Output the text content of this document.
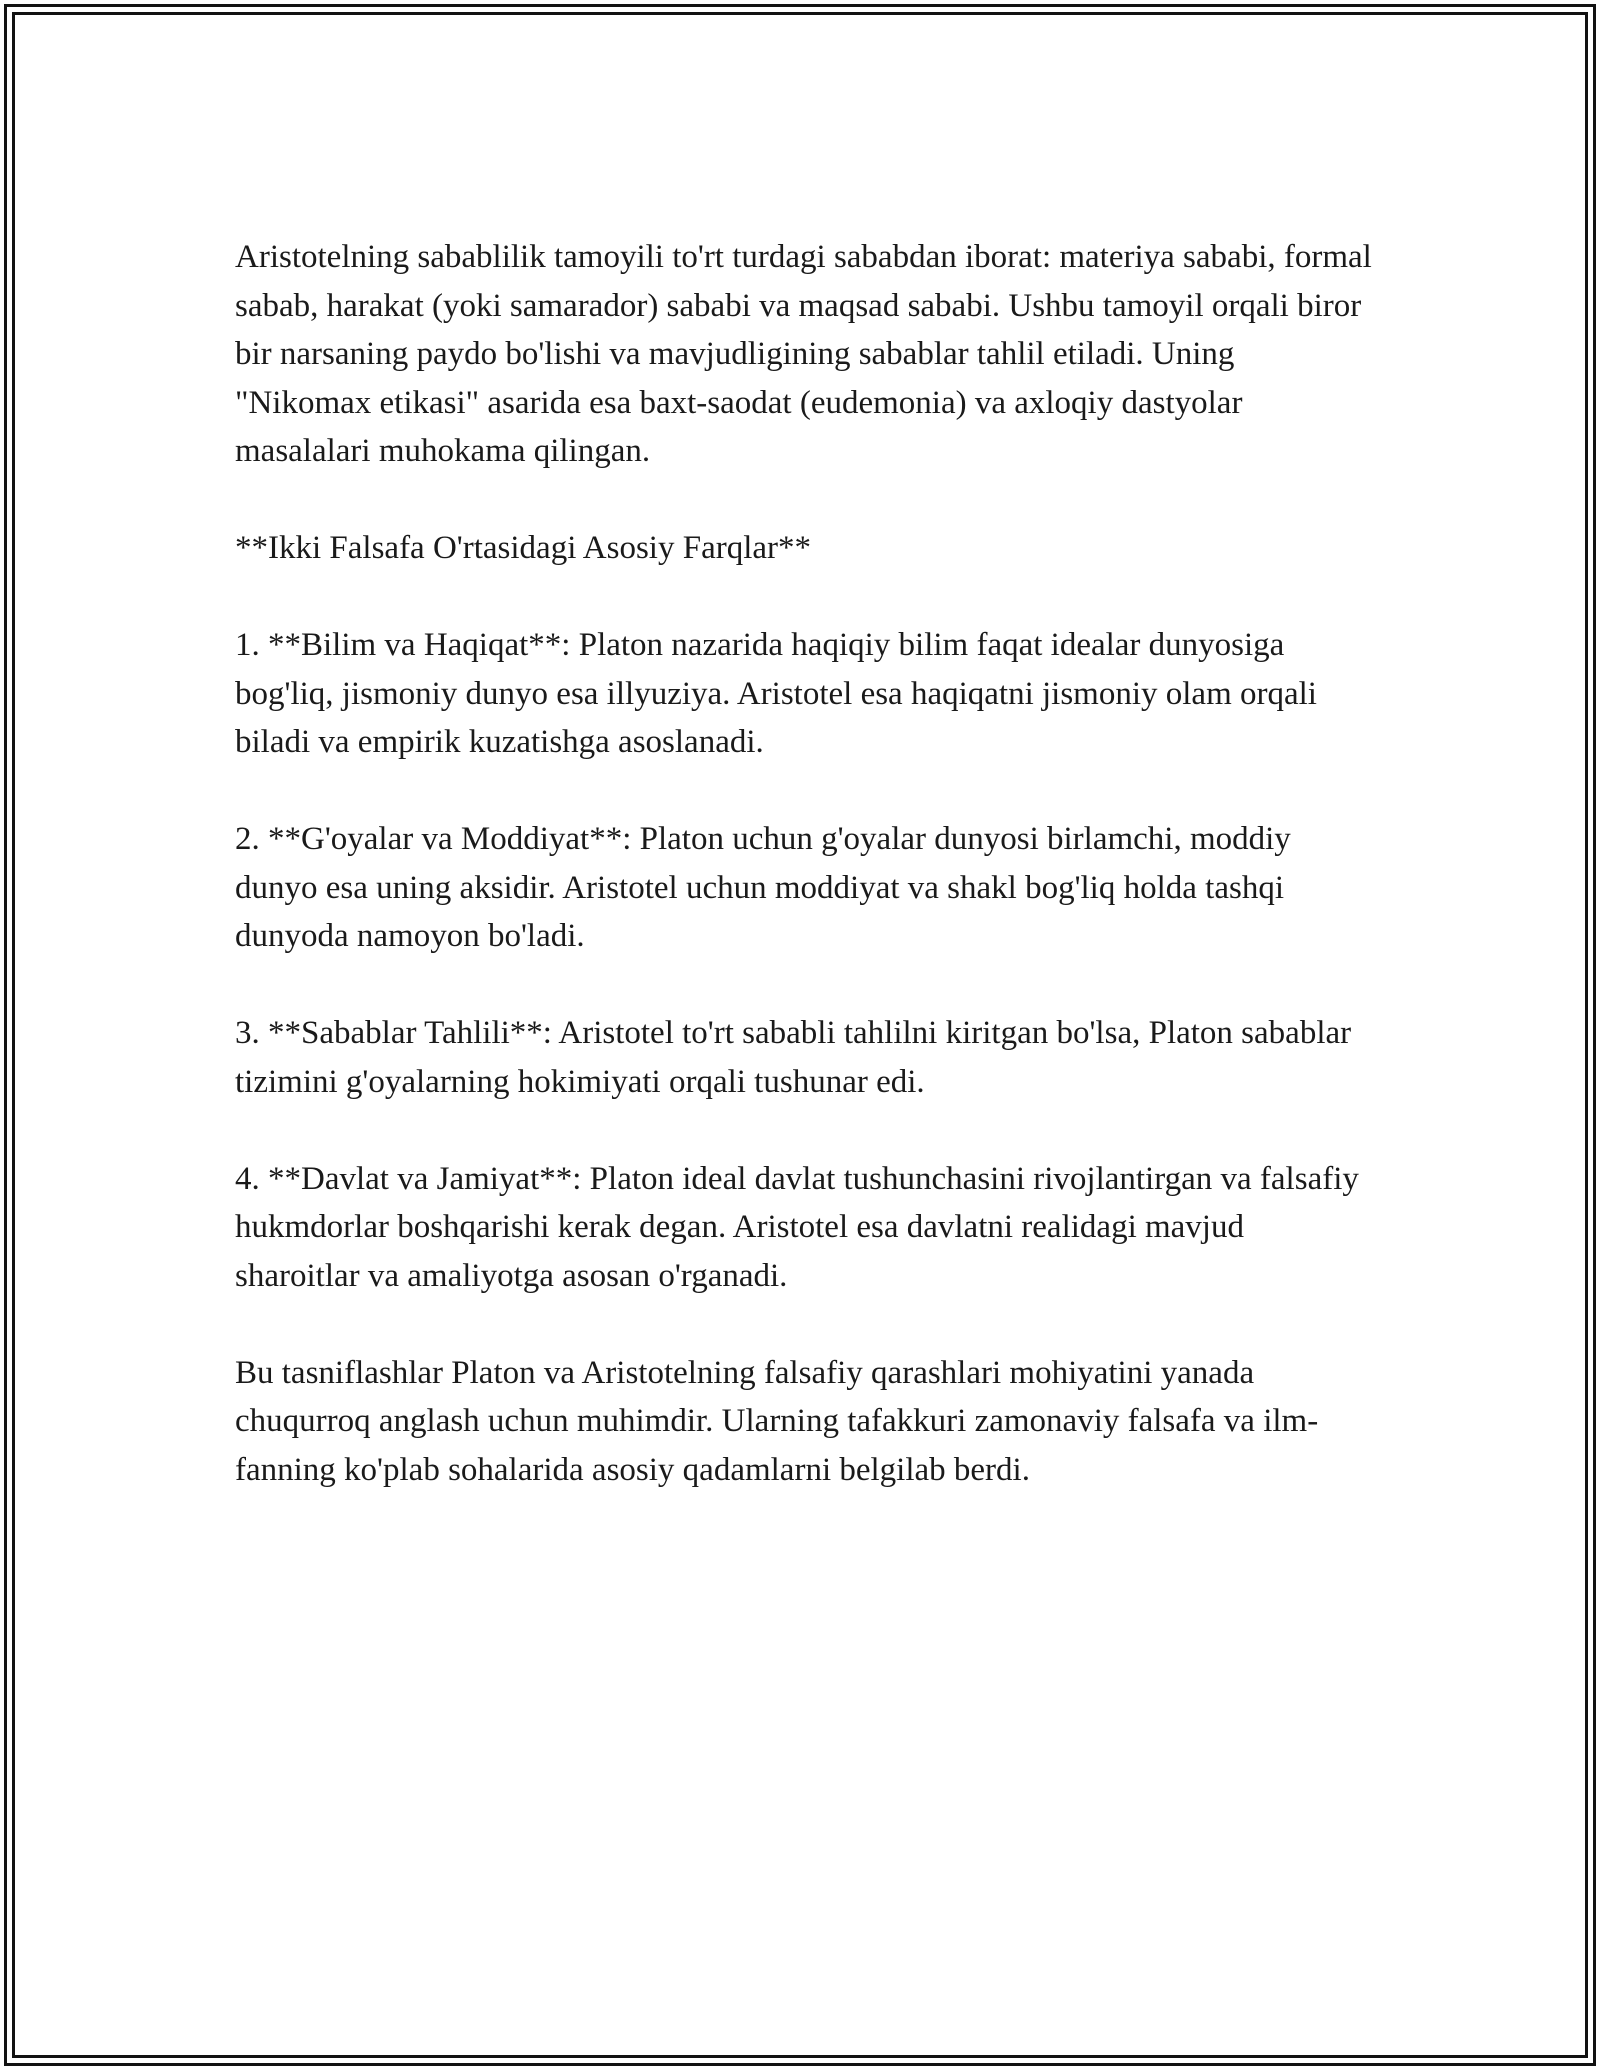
Aristotelning sabablilik tamoyili to'rt turdagi sababdan iborat: materiya sababi, formal sabab, harakat (yoki samarador) sababi va maqsad sababi. Ushbu tamoyil orqali biror bir narsaning paydo bo'lishi va mavjudligining sabablar tahlil etiladi. Uning "Nikomax etikasi" asarida esa baxt-saodat (eudemonia) va axloqiy dastyolar masalalari muhokama qilingan.

**Ikki Falsafa O'rtasidagi Asosiy Farqlar**

1. **Bilim va Haqiqat**: Platon nazarida haqiqiy bilim faqat idealar dunyosiga bog'liq, jismoniy dunyo esa illyuziya. Aristotel esa haqiqatni jismoniy olam orqali biladi va empirik kuzatishga asoslanadi.

2. **G'oyalar va Moddiyat**: Platon uchun g'oyalar dunyosi birlamchi, moddiy dunyo esa uning aksidir. Aristotel uchun moddiyat va shakl bog'liq holda tashqi dunyoda namoyon bo'ladi.

3. **Sabablar Tahlili**: Aristotel to'rt sababli tahlilni kiritgan bo'lsa, Platon sabablar tizimini g'oyalarning hokimiyati orqali tushunar edi.

4. **Davlat va Jamiyat**: Platon ideal davlat tushunchasini rivojlantirgan va falsafiy hukmdorlar boshqarishi kerak degan. Aristotel esa davlatni realidagi mavjud sharoitlar va amaliyotga asosan o'rganadi.

Bu tasniflashlar Platon va Aristotelning falsafiy qarashlari mohiyatini yanada chuqurroq anglash uchun muhimdir. Ularning tafakkuri zamonaviy falsafa va ilm-fanning ko'plab sohalarida asosiy qadamlarni belgilab berdi.
